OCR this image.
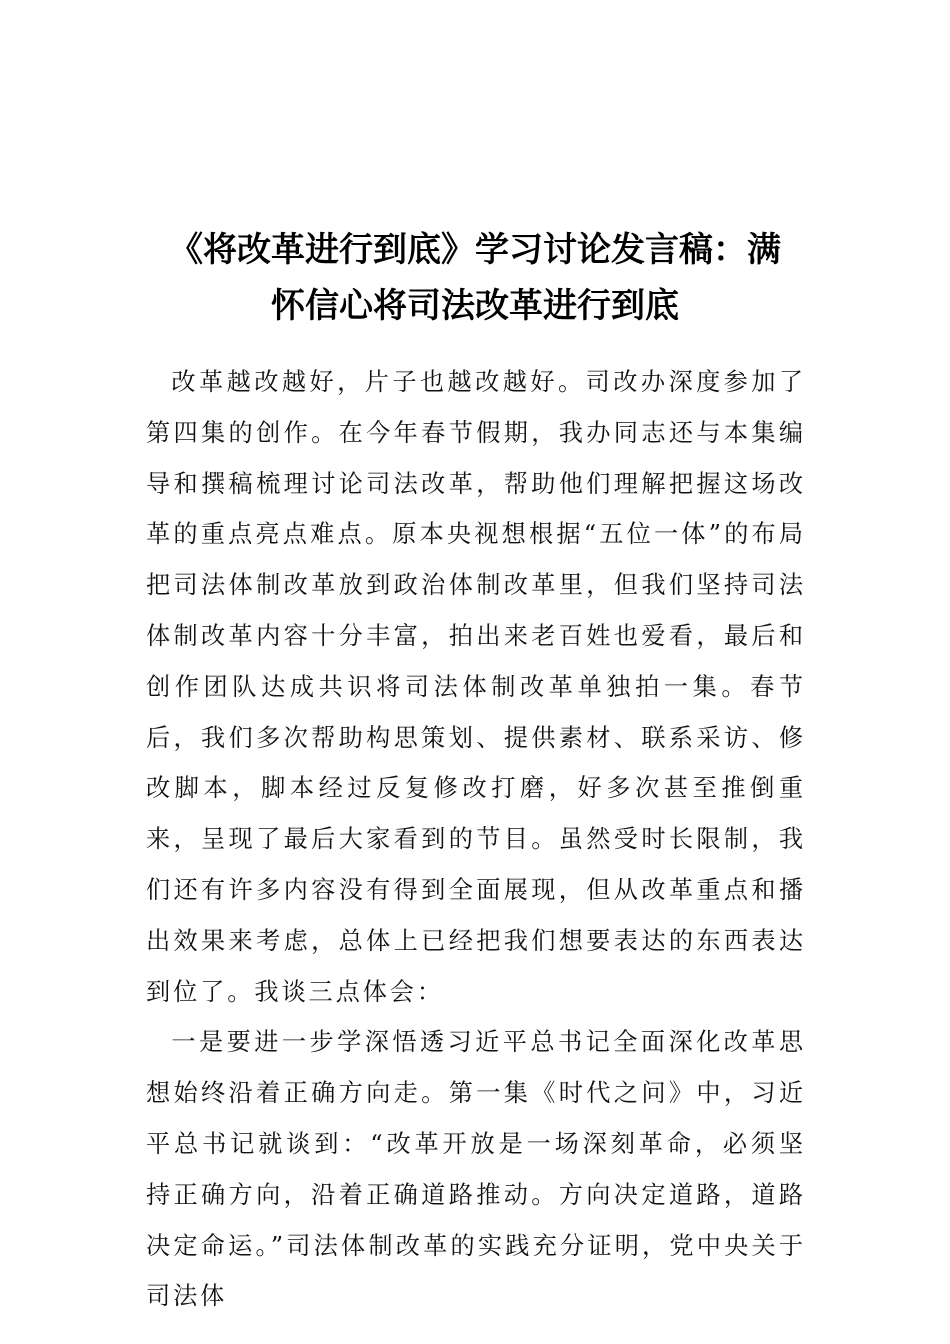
《将改革进行到底》学习讨论发言稿：满
怀信心将司法改革进行到底

改革越改越好，片子也越改越好。司改办深度参加了第四集的创作。在今年春节假期，我办同志还与本集编导和撰稿梳理讨论司法改革，帮助他们理解把握这场改革的重点亮点难点。原本央视想根据“五位一体”的布局把司法体制改革放到政治体制改革里，但我们坚持司法体制改革内容十分丰富，拍出来老百姓也爱看，最后和创作团队达成共识将司法体制改革单独拍一集。春节后，我们多次帮助构思策划、提供素材、联系采访、修改脚本，脚本经过反复修改打磨，好多次甚至推倒重来，呈现了最后大家看到的节目。虽然受时长限制，我们还有许多内容没有得到全面展现，但从改革重点和播出效果来考虑，总体上已经把我们想要表达的东西表达到位了。我谈三点体会：

一是要进一步学深悟透习近平总书记全面深化改革思想始终沿着正确方向走。第一集《时代之问》中，习近平总书记就谈到：“改革开放是一场深刻革命，必须坚持正确方向，沿着正确道路推动。方向决定道路，道路决定命运。”司法体制改革的实践充分证明，党中央关于司法体
